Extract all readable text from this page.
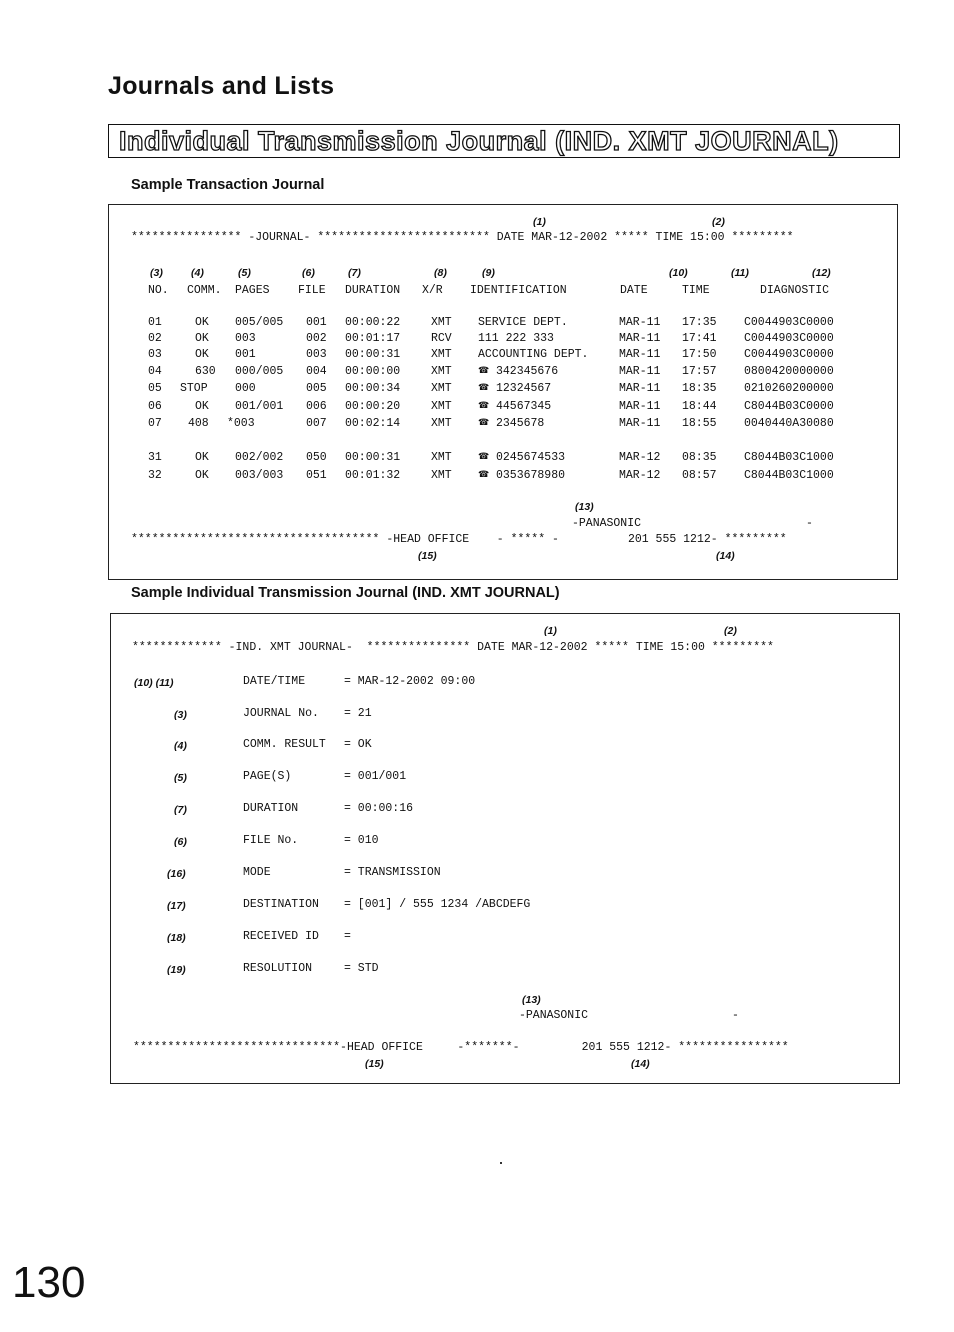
Journals and Lists
Individual Transmission Journal (IND. XMT JOURNAL)
Sample Transaction Journal
(1)	(2)
**************** -JOURNAL- ************************* DATE MAR-12-2002 ***** TIME 15:00 *********
(3)	(4)	(5)	(6)	(7)	(8)	(9)	(10)	(11)	(12)
NO. COMM. PAGES FILE DURATION X/R IDENTIFICATION	DATE	TIME	DIAGNOSTIC
01	OK 005/005 001 00:00:22	XMT SERVICE DEPT.	MAR-11 17:35 C0044903C0000
02	OK 003	002 00:01:17	RCV 111 222 333	MAR-11 17:41 C0044903C0000
03	OK 001	003 00:00:31	XMT ACCOUNTING DEPT.	MAR-11 17:50 C0044903C0000
04	630 000/005 004 00:00:00	XMT	☎ 342345676	MAR-11 17:57 0800420000000
05 STOP 000	005 00:00:34	XMT	☎ 12324567	MAR-11 18:35 0210260200000
06	OK 001/001 006 00:00:20	XMT	☎ 44567345	MAR-11 18:44 C8044B03C0000
07 408 *003	007 00:02:14	XMT	☎ 2345678	MAR-11 18:55 0040440A30080
31	OK 002/002 050 00:00:31	XMT	☎ 0245674533	MAR-12 08:35 C8044B03C1000
32	OK 003/003 051 00:01:32	XMT	☎ 0353678980	MAR-12 08:57 C8044B03C1000
(13)
-PANASONIC	-
************************************ -HEAD OFFICE - ***** -	201 555 1212- *********
(15)	(14)
Sample Individual Transmission Journal (IND. XMT JOURNAL)
(1)	(2)
************* -IND. XMT JOURNAL- *************** DATE MAR-12-2002 ***** TIME 15:00 *********
(10) (11)	DATE/TIME	= MAR-12-2002 09:00
(3)	JOURNAL No. = 21
(4)	COMM. RESULT = OK
(5)	PAGE(S)	= 001/001
(7)	DURATION	= 00:00:16
(6)	FILE No.	= 010
(16)	MODE	= TRANSMISSION
(17)	DESTINATION = [001] / 555 1234 /ABCDEFG
(18)	RECEIVED ID =
(19)	RESOLUTION	= STD
(13)
-PANASONIC	-
******************************-HEAD OFFICE	-*******-	201 555 1212- ****************
(15)	(14)
130
